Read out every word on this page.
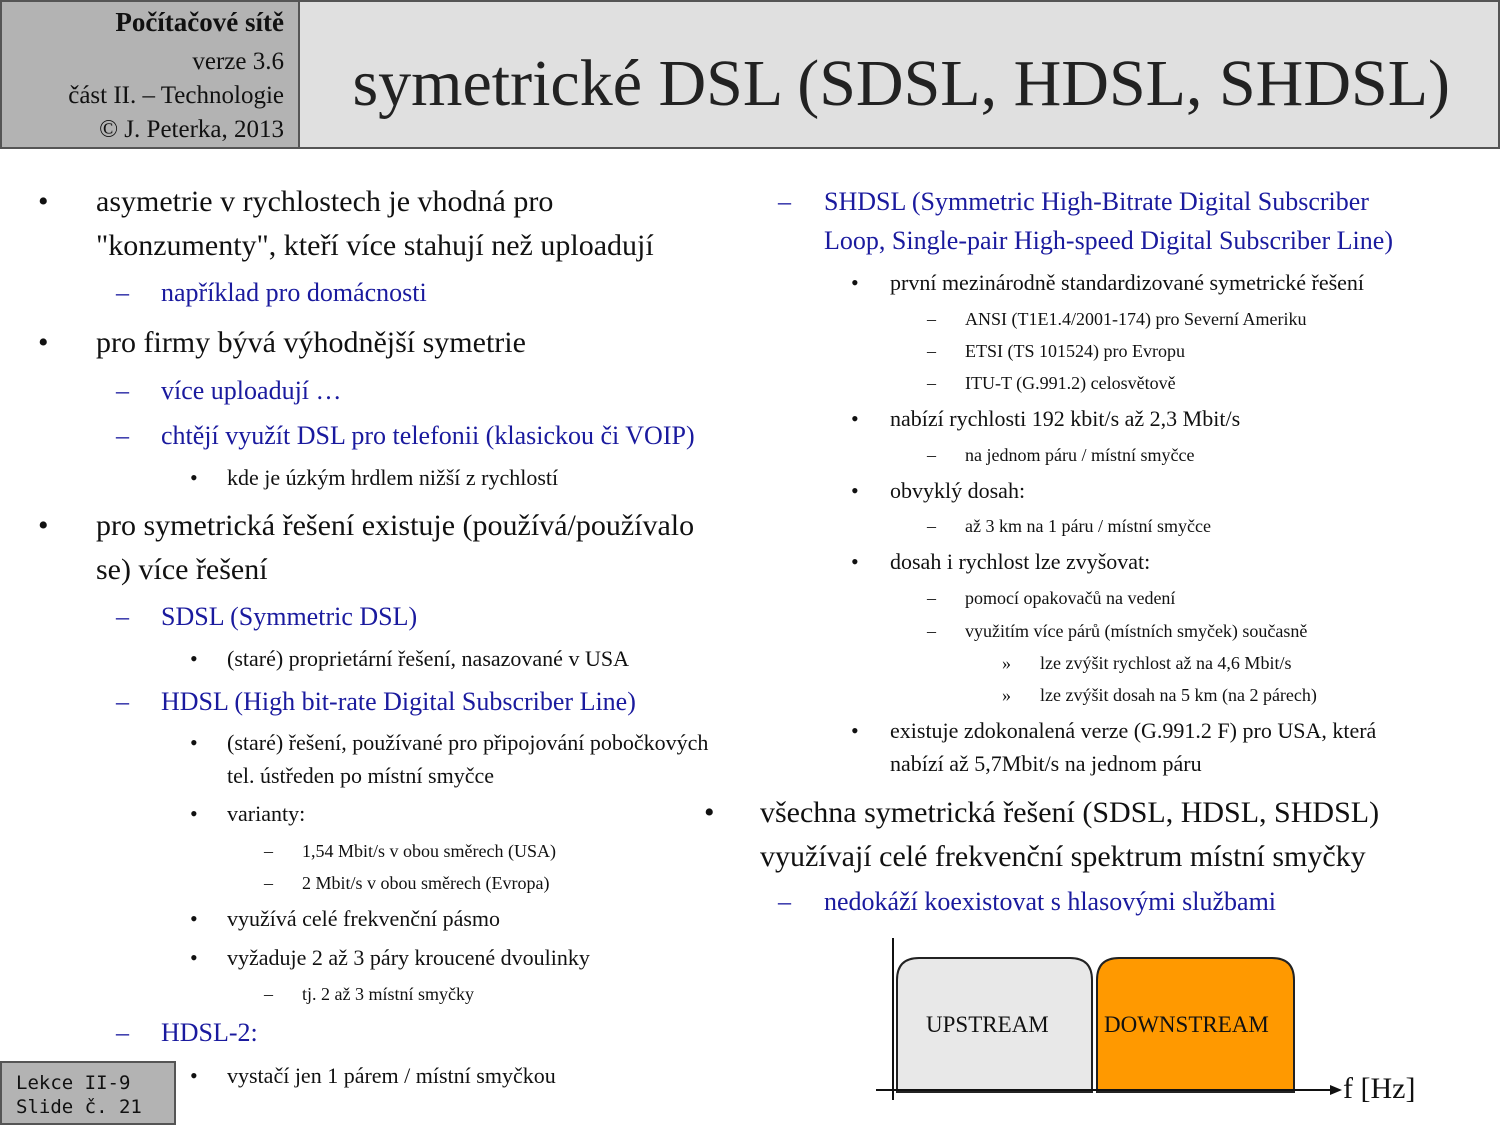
Počítačové sítě
verze 3.6
část II. – Technologie
© J. Peterka, 2013
symetrické DSL (SDSL, HDSL, SHDSL)
• asymetrie v rychlostech je vhodná pro
"konzumenty", kteří více stahují než uploadují
– například pro domácnosti
• pro firmy bývá výhodnější symetrie
– více uploadují …
– chtějí využít DSL pro telefonii (klasickou či VOIP)
• kde je úzkým hrdlem nižší z rychlostí
• pro symetrická řešení existuje (používá/používalo
se) více řešení
– SDSL (Symmetric DSL)
• (staré) proprietární řešení, nasazované v USA
– HDSL (High bit-rate Digital Subscriber Line)
• (staré) řešení, používané pro připojování pobočkových
tel. ústředen po místní smyčce
• varianty:
– 1,54 Mbit/s v obou směrech (USA)
– 2 Mbit/s v obou směrech (Evropa)
• využívá celé frekvenční pásmo
• vyžaduje 2 až 3 páry kroucené dvoulinky
– tj. 2 až 3 místní smyčky
– HDSL-2:
• vystačí jen 1 párem / místní smyčkou
– SHDSL (Symmetric High-Bitrate Digital Subscriber
Loop, Single-pair High-speed Digital Subscriber Line)
• první mezinárodně standardizované symetrické řešení
– ANSI (T1E1.4/2001-174) pro Severní Ameriku
– ETSI (TS 101524) pro Evropu
– ITU-T (G.991.2) celosvětově
• nabízí rychlosti 192 kbit/s až 2,3 Mbit/s
– na jednom páru / místní smyčce
• obvyklý dosah:
– až 3 km na 1 páru / místní smyčce
• dosah i rychlost lze zvyšovat:
– pomocí opakovačů na vedení
– využitím více párů (místních smyček) současně
» lze zvýšit rychlost až na 4,6 Mbit/s
» lze zvýšit dosah na 5 km (na 2 párech)
• existuje zdokonalená verze (G.991.2 F) pro USA, která
nabízí až 5,7Mbit/s na jednom páru
• všechna symetrická řešení (SDSL, HDSL, SHDSL)
využívají celé frekvenční spektrum místní smyčky
– nedokáží koexistovat s hlasovými službami
UPSTREAM DOWNSTREAM
f [Hz]
Lekce II-9
Slide č. 21
